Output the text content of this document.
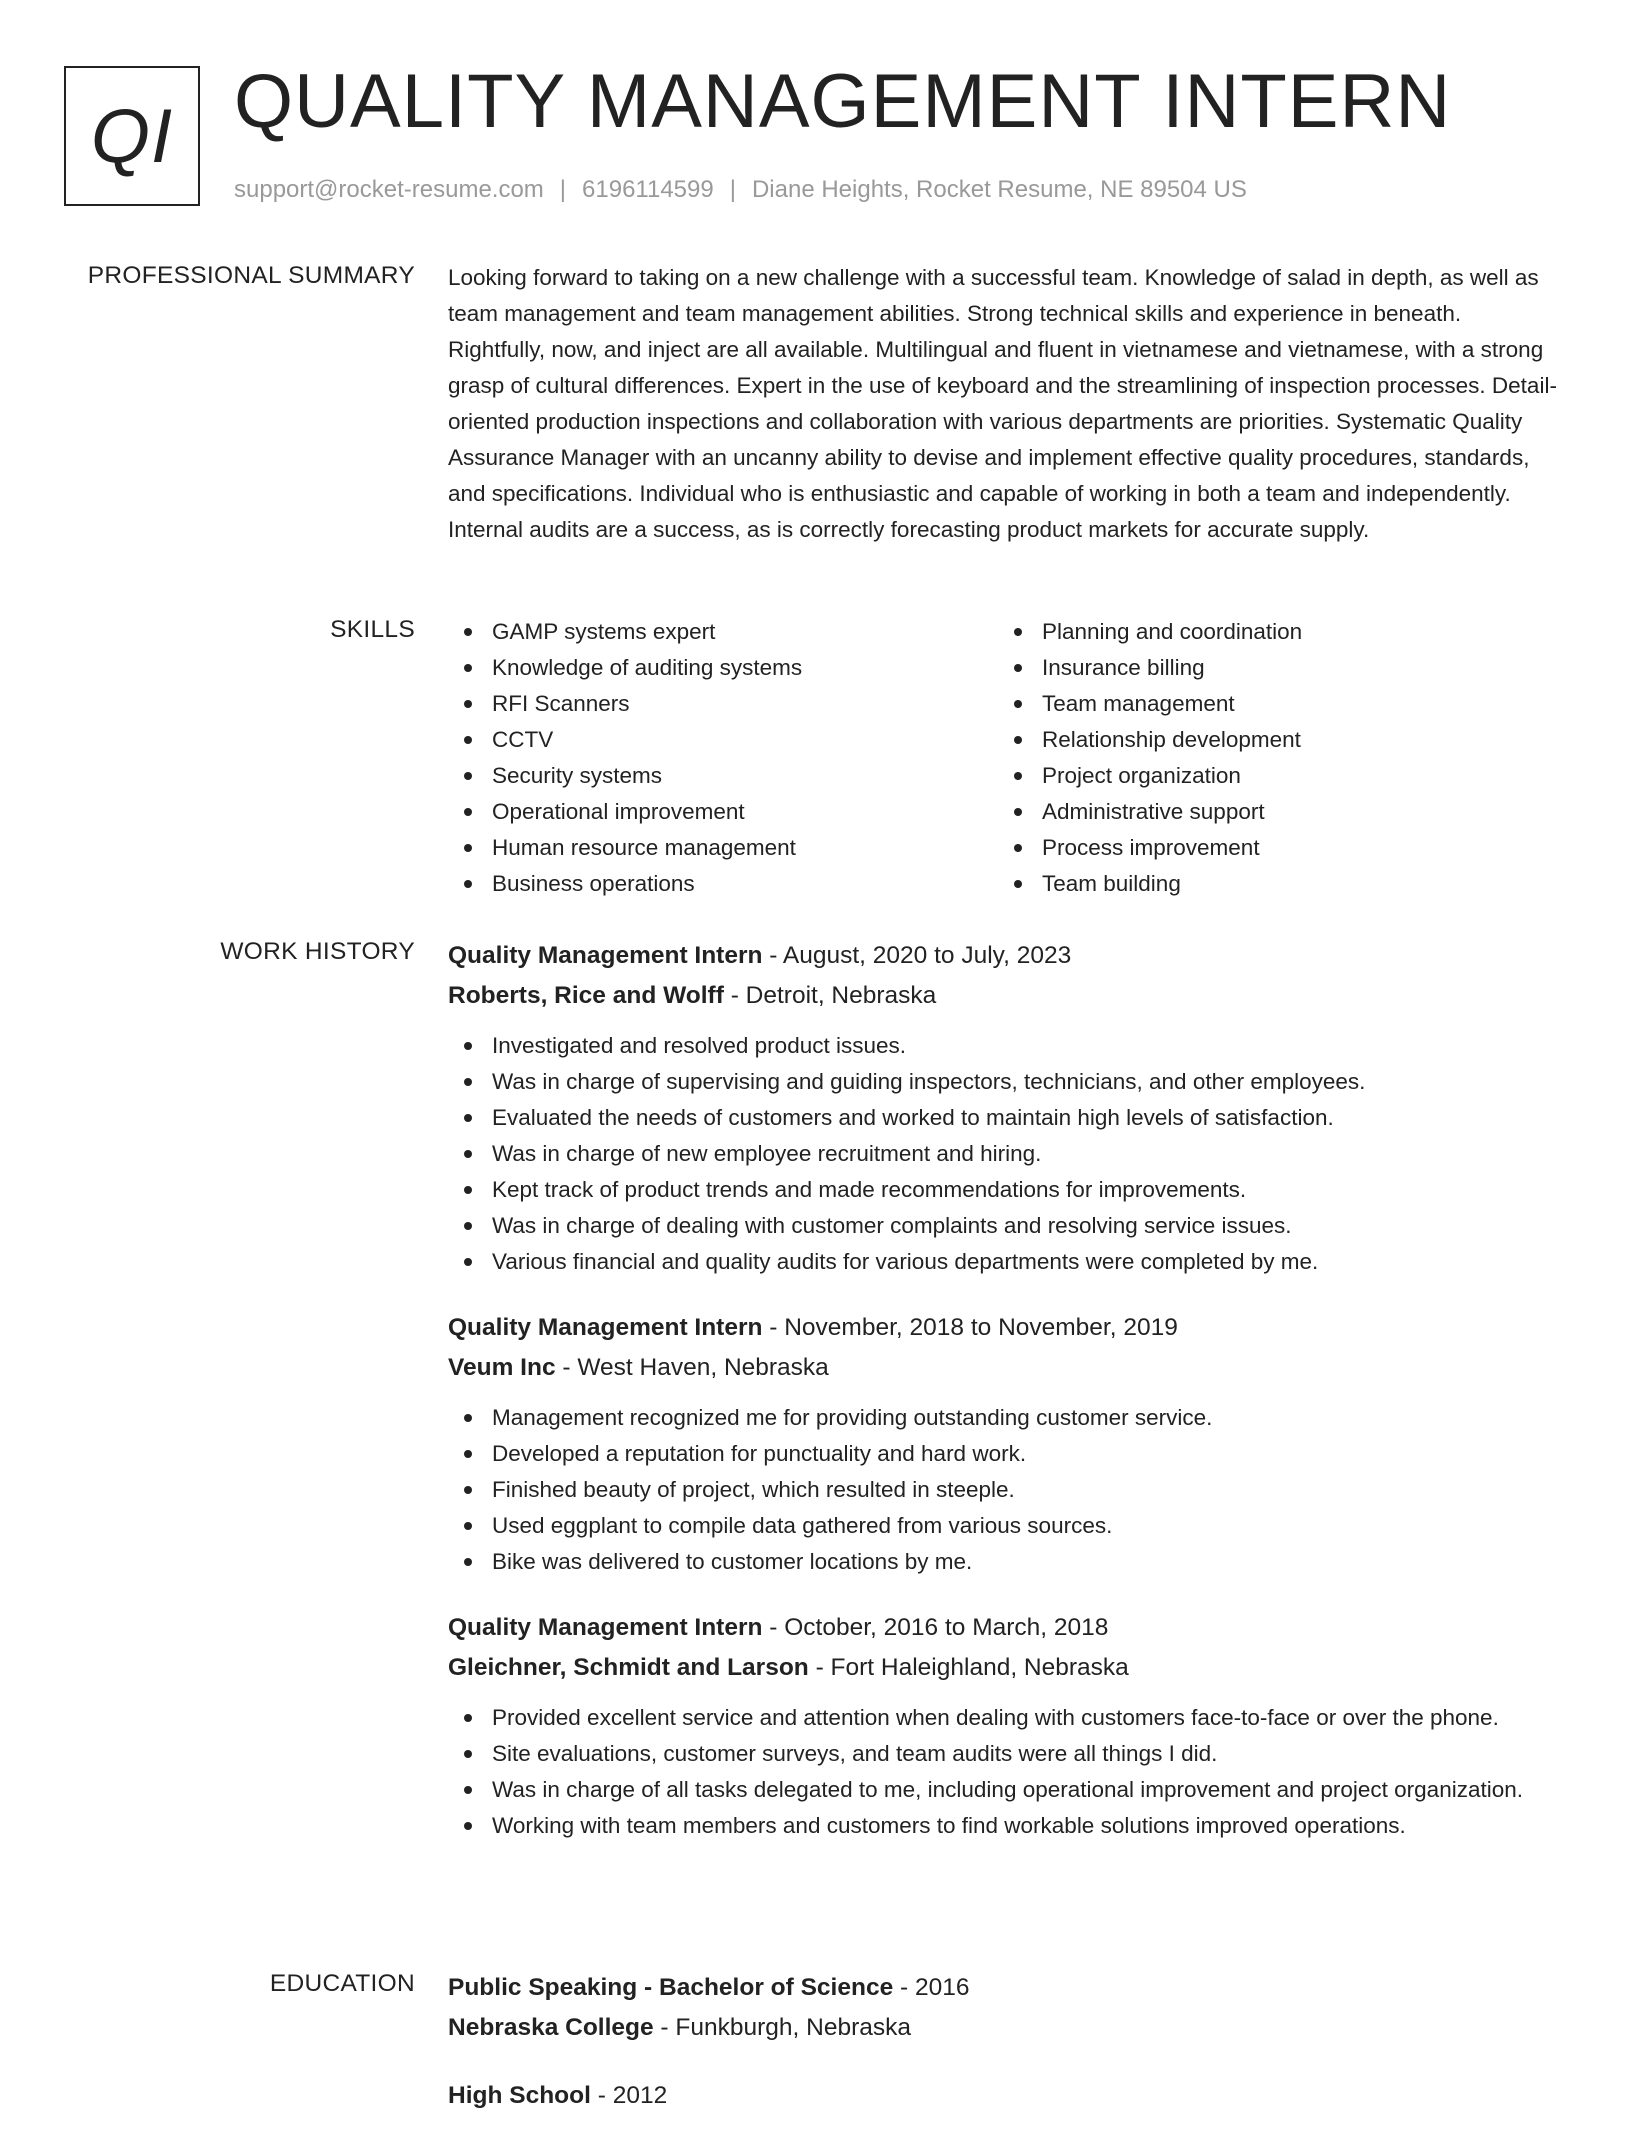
QI QUALITY MANAGEMENT INTERN
support@rocket-resume.com | 6196114599 | Diane Heights, Rocket Resume, NE 89504 US
PROFESSIONAL SUMMARY Looking forward to taking on a new challenge with a successful team. Knowledge of salad in depth, as well as team management and team management abilities. Strong technical skills and experience in beneath. Rightfully, now, and inject are all available. Multilingual and fluent in vietnamese and vietnamese, with a strong grasp of cultural differences. Expert in the use of keyboard and the streamlining of inspection processes. Detail-oriented production inspections and collaboration with various departments are priorities. Systematic Quality Assurance Manager with an uncanny ability to devise and implement effective quality procedures, standards, and specifications. Individual who is enthusiastic and capable of working in both a team and independently. Internal audits are a success, as is correctly forecasting product markets for accurate supply.

SKILLS	GAMP systems expert
Knowledge of auditing systems
RFI Scanners
CCTV
Security systems
Operational improvement
Human resource management
Business operations
Planning and coordination
Insurance billing
Team management
Relationship development
Project organization
Administrative support
Process improvement
Team building
WORK HISTORY Quality Management Intern - August, 2020 to July, 2023
Roberts, Rice and Wolff - Detroit, Nebraska
Investigated and resolved product issues.
Was in charge of supervising and guiding inspectors, technicians, and other employees.
Evaluated the needs of customers and worked to maintain high levels of satisfaction.
Was in charge of new employee recruitment and hiring.
Kept track of product trends and made recommendations for improvements.
Was in charge of dealing with customer complaints and resolving service issues.
Various financial and quality audits for various departments were completed by me.
Quality Management Intern - November, 2018 to November, 2019
Veum Inc - West Haven, Nebraska
Management recognized me for providing outstanding customer service.
Developed a reputation for punctuality and hard work.
Finished beauty of project, which resulted in steeple.
Used eggplant to compile data gathered from various sources.
Bike was delivered to customer locations by me.
Quality Management Intern - October, 2016 to March, 2018
Gleichner, Schmidt and Larson - Fort Haleighland, Nebraska
Provided excellent service and attention when dealing with customers face-to-face or over the phone.
Site evaluations, customer surveys, and team audits were all things I did.
Was in charge of all tasks delegated to me, including operational improvement and project organization.
Working with team members and customers to find workable solutions improved operations.
EDUCATION Public Speaking - Bachelor of Science - 2016
Nebraska College - Funkburgh, Nebraska
High School - 2012
